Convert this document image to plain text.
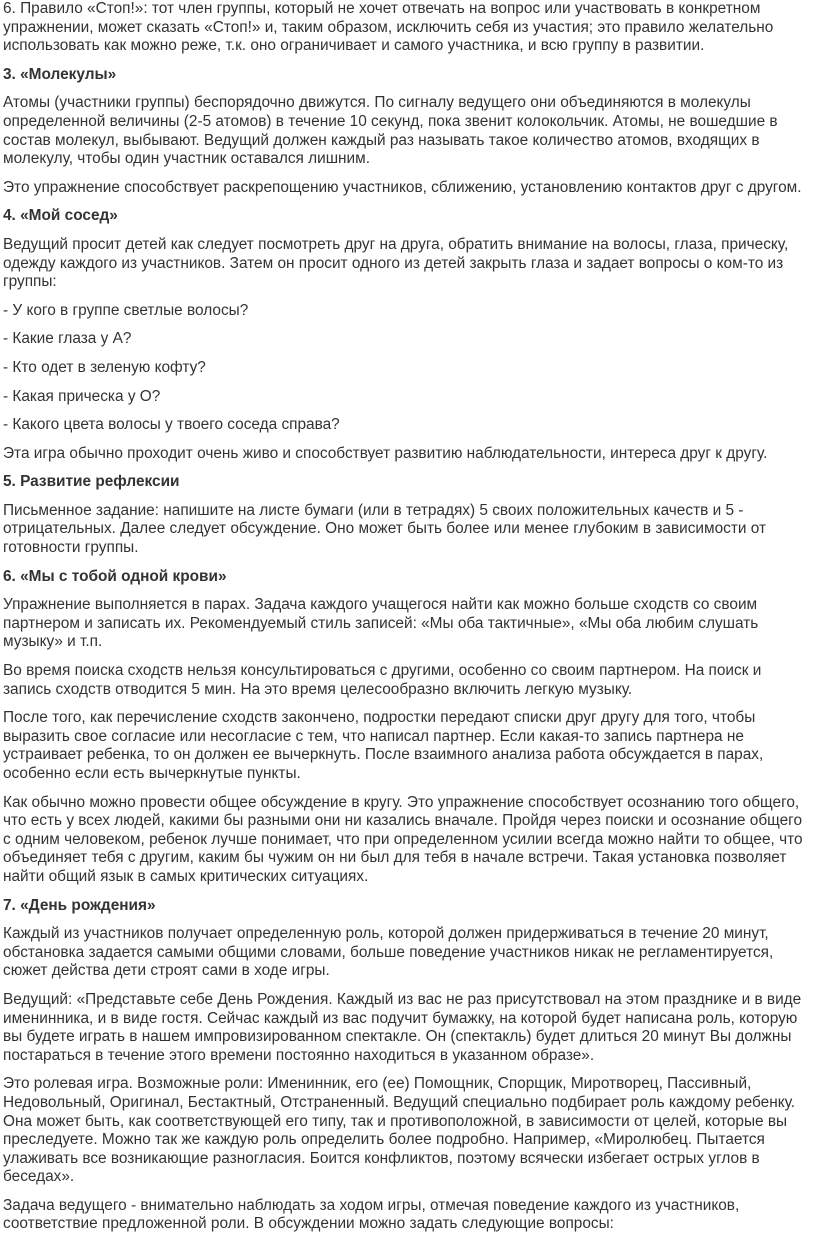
6. Правило «Стоп!»: тот член группы, который не хочет отвечать на вопрос или участвовать в конкретном упражнении, может сказать «Стоп!» и, таким образом, исключить себя из участия; это правило желательно использовать как можно реже, т.к. оно ограничивает и самого участника, и всю группу в развитии.

3. «Молекулы»

Атомы (участники группы) беспорядочно движутся. По сигналу ведущего они объединяются в молекулы определенной величины (2-5 атомов) в течение 10 секунд, пока звенит колокольчик. Атомы, не вошедшие в состав молекул, выбывают. Ведущий должен каждый раз называть такое количество атомов, входящих в молекулу, чтобы один участник оставался лишним.

Это упражнение способствует раскрепощению участников, сближению, установлению контактов друг с другом.

4. «Мой сосед»

Ведущий просит детей как следует посмотреть друг на друга, обратить внимание на волосы, глаза, прическу, одежду каждого из участников. Затем он просит одного из детей закрыть глаза и задает вопросы о ком-то из группы:

- У кого в группе светлые волосы?

- Какие глаза у А?

- Кто одет в зеленую кофту?

- Какая прическа у О?

- Какого цвета волосы у твоего соседа справа?

Эта игра обычно проходит очень живо и способствует развитию наблюдательности, интереса друг к другу.

5. Развитие рефлексии

Письменное задание: напишите на листе бумаги (или в тетрадях) 5 своих положительных качеств и 5 - отрицательных. Далее следует обсуждение. Оно может быть более или менее глубоким в зависимости от готовности группы.

6. «Мы с тобой одной крови»

Упражнение выполняется в парах. Задача каждого учащегося найти как можно больше сходств со своим партнером и записать их. Рекомендуемый стиль записей: «Мы оба тактичные», «Мы оба любим слушать музыку» и т.п.

Во время поиска сходств нельзя консультироваться с другими, особенно со своим партнером. На поиск и запись сходств отводится 5 мин. На это время целесообразно включить легкую музыку.

После того, как перечисление сходств закончено, подростки передают списки друг другу для того, чтобы выразить свое согласие или несогласие с тем, что написал партнер. Если какая-то запись партнера не устраивает ребенка, то он должен ее вычеркнуть. После взаимного анализа работа обсуждается в парах, особенно если есть вычеркнутые пункты.

Как обычно можно провести общее обсуждение в кругу. Это упражнение способствует осознанию того общего, что есть у всех людей, какими бы разными они ни казались вначале. Пройдя через поиски и осознание общего с одним человеком, ребенок лучше понимает, что при определенном усилии всегда можно найти то общее, что объединяет тебя с другим, каким бы чужим он ни был для тебя в начале встречи. Такая установка позволяет найти общий язык в самых критических ситуациях.

7. «День рождения»

Каждый из участников получает определенную роль, которой должен придерживаться в течение 20 минут, обстановка задается самыми общими словами, больше поведение участников никак не регламентируется, сюжет действа дети строят сами в ходе игры.

Ведущий: «Представьте себе День Рождения. Каждый из вас не раз присутствовал на этом празднике и в виде именинника, и в виде гостя. Сейчас каждый из вас подучит бумажку, на которой будет написана роль, которую вы будете играть в нашем импровизированном спектакле. Он (спектакль) будет длиться 20 минут Вы должны постараться в течение этого времени постоянно находиться в указанном образе».

Это ролевая игра. Возможные роли: Именинник, его (ее) Помощник, Спорщик, Миротворец, Пассивный, Недовольный, Оригинал, Бестактный, Отстраненный. Ведущий специально подбирает роль каждому ребенку. Она может быть, как соответствующей его типу, так и противоположной, в зависимости от целей, которые вы преследуете. Можно так же каждую роль определить более подробно. Например, «Миролюбец. Пытается улаживать все возникающие разногласия. Боится конфликтов, поэтому всячески избегает острых углов в беседах».

Задача ведущего - внимательно наблюдать за ходом игры, отмечая поведение каждого из участников, соответствие предложенной роли. В обсуждении можно задать следующие вопросы:
